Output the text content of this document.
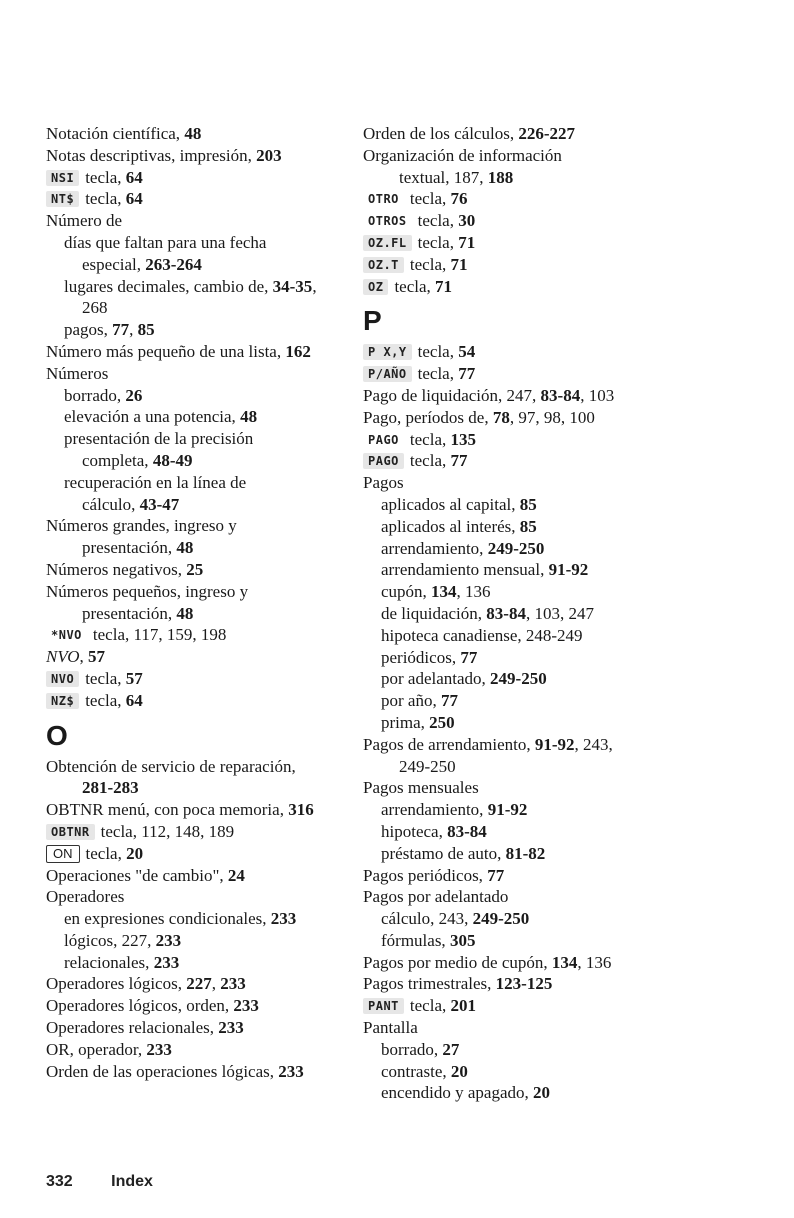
Notación científica, 48
Notas descriptivas, impresión, 203
NSI tecla, 64
NT$ tecla, 64
Número de
días que faltan para una fecha
especial, 263-264
lugares decimales, cambio de, 34-35,
268
pagos, 77, 85
Número más pequeño de una lista, 162
Números
borrado, 26
elevación a una potencia, 48
presentación de la precisión
completa, 48-49
recuperación en la línea de
cálculo, 43-47
Números grandes, ingreso y
presentación, 48
Números negativos, 25
Números pequeños, ingreso y
presentación, 48
*NVO tecla, 117, 159, 198
NVO, 57
NVO tecla, 57
NZ$ tecla, 64
O
Obtención de servicio de reparación,
281-283
OBTNR menú, con poca memoria, 316
OBTNR tecla, 112, 148, 189
ON tecla, 20
Operaciones "de cambio", 24
Operadores
en expresiones condicionales, 233
lógicos, 227, 233
relacionales, 233
Operadores lógicos, 227, 233
Operadores lógicos, orden, 233
Operadores relacionales, 233
OR, operador, 233
Orden de las operaciones lógicas, 233
Orden de los cálculos, 226-227
Organización de información
textual, 187, 188
OTRO tecla, 76
OTROS tecla, 30
OZ.FL tecla, 71
OZ.T tecla, 71
OZ tecla, 71
P
P X,Y tecla, 54
P/AÑO tecla, 77
Pago de liquidación, 247, 83-84, 103
Pago, períodos de, 78, 97, 98, 100
PAGO tecla, 135
PAGO tecla, 77
Pagos
aplicados al capital, 85
aplicados al interés, 85
arrendamiento, 249-250
arrendamiento mensual, 91-92
cupón, 134, 136
de liquidación, 83-84, 103, 247
hipoteca canadiense, 248-249
periódicos, 77
por adelantado, 249-250
por año, 77
prima, 250
Pagos de arrendamiento, 91-92, 243,
249-250
Pagos mensuales
arrendamiento, 91-92
hipoteca, 83-84
préstamo de auto, 81-82
Pagos periódicos, 77
Pagos por adelantado
cálculo, 243, 249-250
fórmulas, 305
Pagos por medio de cupón, 134, 136
Pagos trimestrales, 123-125
PANT tecla, 201
Pantalla
borrado, 27
contraste, 20
encendido y apagado, 20
332 Index
